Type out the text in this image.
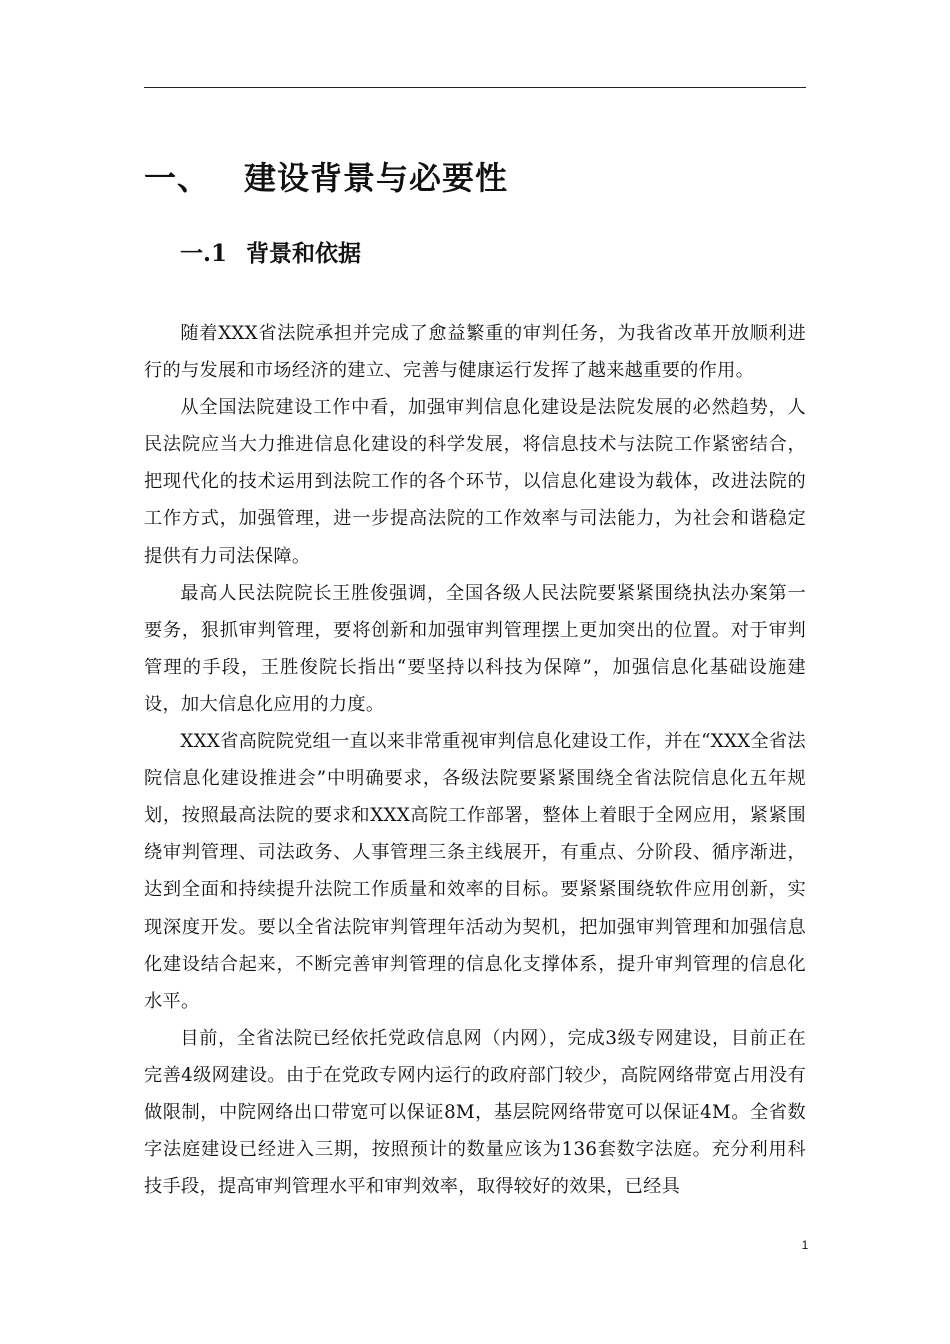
一、 建设背景与必要性
一.1 背景和依据

随着XXX省法院承担并完成了愈益繁重的审判任务，为我省改革开放顺利进行的与发展和市场经济的建立、完善与健康运行发挥了越来越重要的作用。

从全国法院建设工作中看，加强审判信息化建设是法院发展的必然趋势，人民法院应当大力推进信息化建设的科学发展，将信息技术与法院工作紧密结合，把现代化的技术运用到法院工作的各个环节，以信息化建设为载体，改进法院的工作方式，加强管理，进一步提高法院的工作效率与司法能力，为社会和谐稳定提供有力司法保障。

最高人民法院院长王胜俊强调，全国各级人民法院要紧紧围绕执法办案第一要务，狠抓审判管理，要将创新和加强审判管理摆上更加突出的位置。对于审判管理的手段，王胜俊院长指出“要坚持以科技为保障”，加强信息化基础设施建设，加大信息化应用的力度。

XXX省高院院党组一直以来非常重视审判信息化建设工作，并在“XXX全省法院信息化建设推进会”中明确要求，各级法院要紧紧围绕全省法院信息化五年规划，按照最高法院的要求和XXX高院工作部署，整体上着眼于全网应用，紧紧围绕审判管理、司法政务、人事管理三条主线展开，有重点、分阶段、循序渐进，达到全面和持续提升法院工作质量和效率的目标。要紧紧围绕软件应用创新，实现深度开发。要以全省法院审判管理年活动为契机，把加强审判管理和加强信息化建设结合起来，不断完善审判管理的信息化支撑体系，提升审判管理的信息化水平。

目前，全省法院已经依托党政信息网（内网），完成3级专网建设，目前正在完善4级网建设。由于在党政专网内运行的政府部门较少，高院网络带宽占用没有做限制，中院网络出口带宽可以保证8M，基层院网络带宽可以保证4M。全省数字法庭建设已经进入三期，按照预计的数量应该为136套数字法庭。充分利用科技手段，提高审判管理水平和审判效率，取得较好的效果，已经具

1
